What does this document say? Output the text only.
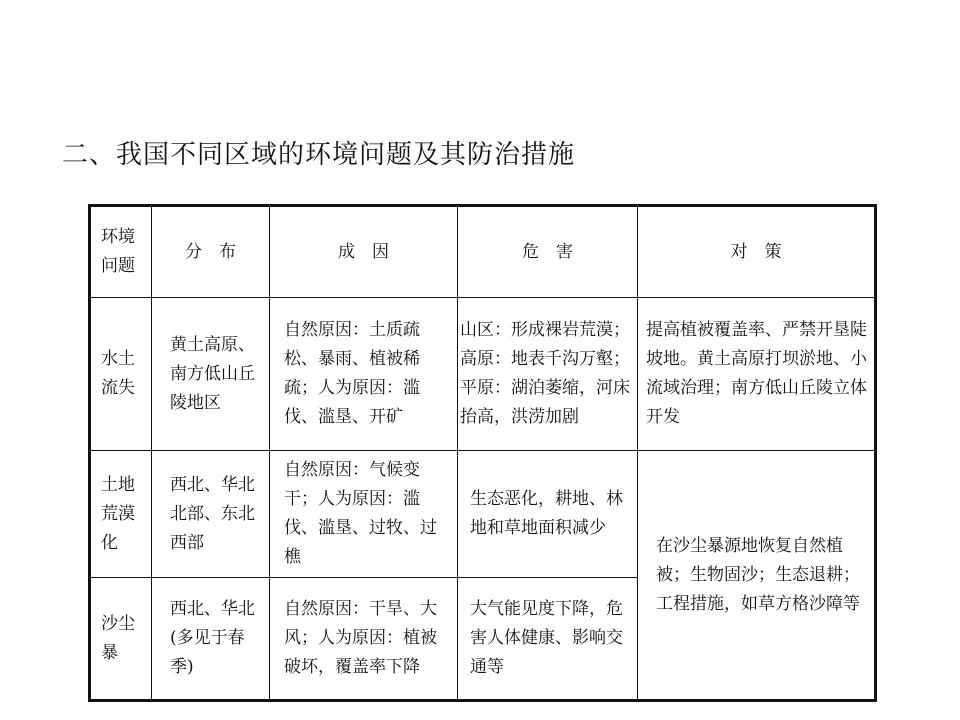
二、我国不同区域的环境问题及其防治措施
环境问题	分　布	成　因	危　害	对　策

水土流失	黄土高原、南方低山丘陵地区	自然原因：土质疏松、暴雨、植被稀疏；人为原因：滥伐、滥垦、开矿	山区：形成裸岩荒漠；高原：地表千沟万壑；平原：湖泊萎缩，河床抬高，洪涝加剧	提高植被覆盖率、严禁开垦陡坡地。黄土高原打坝淤地、小流域治理；南方低山丘陵立体开发

土地荒漠化	西北、华北北部、东北西部	自然原因：气候变干；人为原因：滥伐、滥垦、过牧、过樵	生态恶化，耕地、林地和草地面积减少	在沙尘暴源地恢复自然植被；生物固沙；生态退耕；工程措施，如草方格沙障等

沙尘暴	西北、华北(多见于春季)	自然原因：干旱、大风；人为原因：植被破坏，覆盖率下降	大气能见度下降，危害人体健康、影响交通等	
